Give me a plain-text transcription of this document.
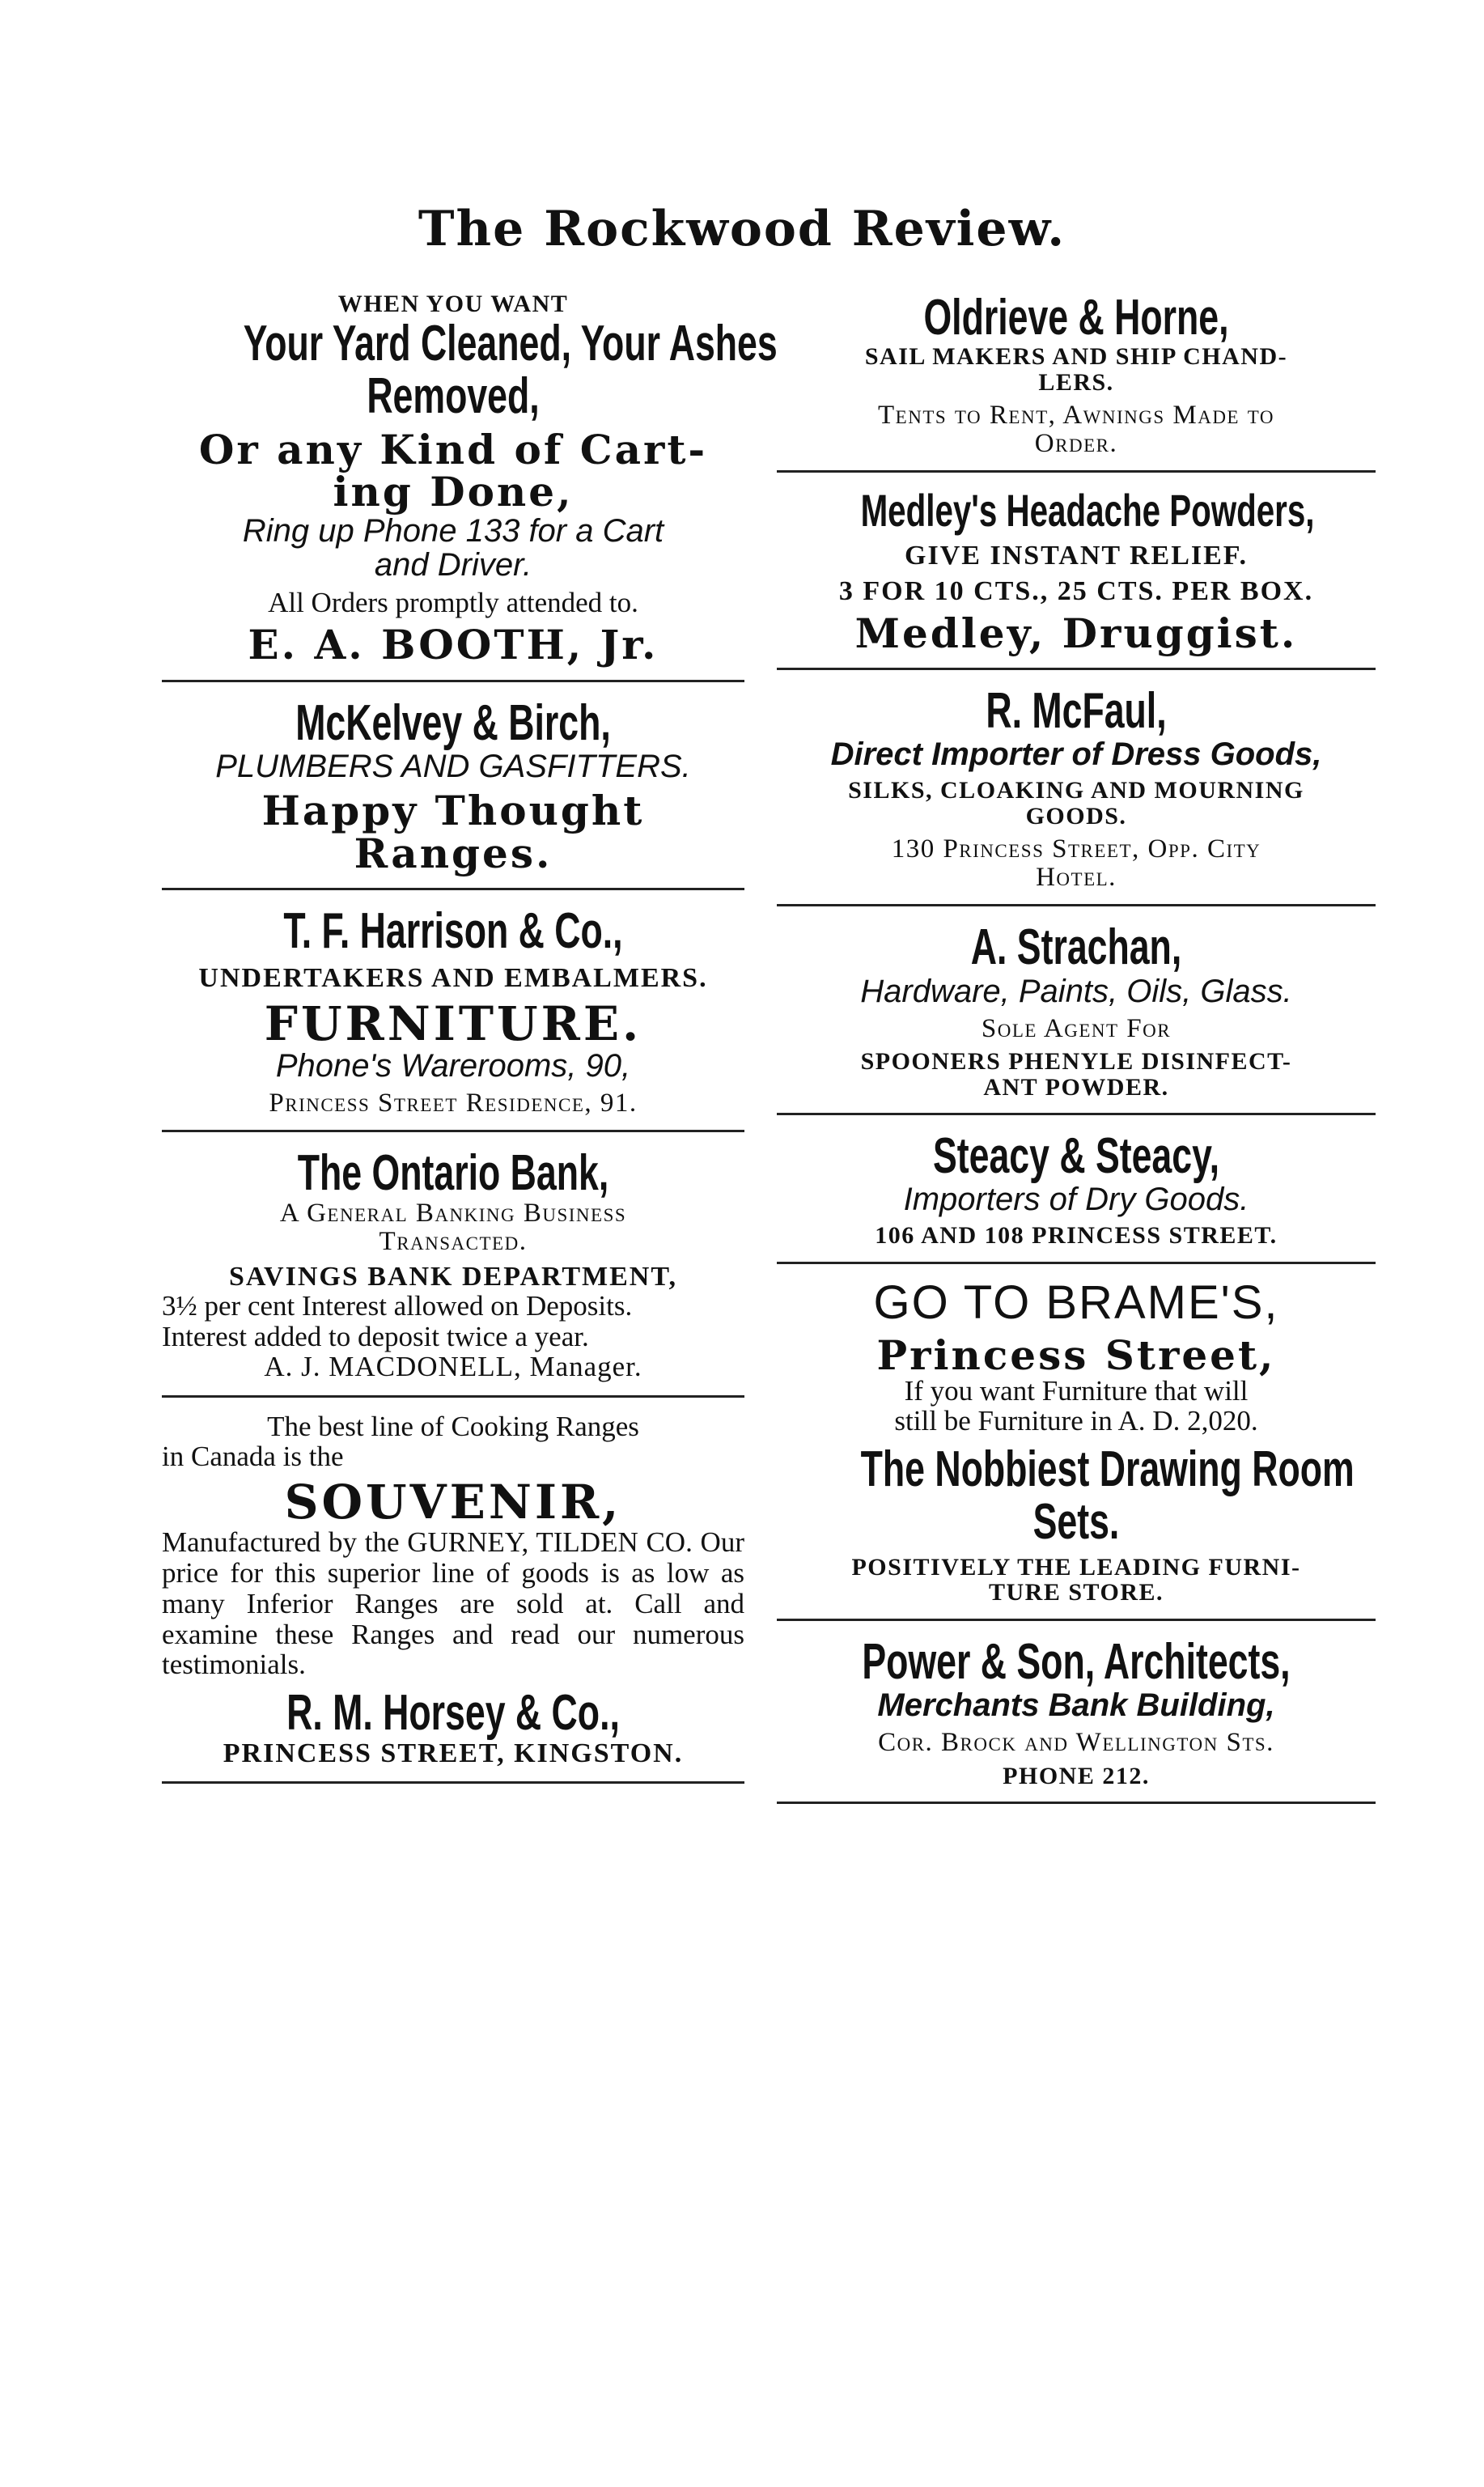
The Rockwood Review.
WHEN YOU WANT
Your Yard Cleaned, Your Ashes
Removed,
Or any Kind of Cart-
ing Done,
Ring up Phone 133 for a Cart
and Driver.
All Orders promptly attended to.
E. A. BOOTH, Jr.
McKelvey & Birch,
PLUMBERS AND GASFITTERS.
Happy Thought
Ranges.
T. F. Harrison & Co.,
UNDERTAKERS AND EMBALMERS.
FURNITURE.
Phone's Warerooms, 90,
Princess Street Residence, 91.
The Ontario Bank,
A General Banking Business
Transacted.
SAVINGS BANK DEPARTMENT,
3½ per cent Interest allowed on Deposits.
Interest added to deposit twice a year.
A. J. MACDONELL, Manager.
The best line of Cooking Ranges
in Canada is the
SOUVENIR,
Manufactured by the GURNEY, TILDEN CO. Our price for this superior line of goods is as low as many Inferior Ranges are sold at. Call and examine these Ranges and read our numerous testimonials.
R. M. Horsey & Co.,
PRINCESS STREET, KINGSTON.
Oldrieve & Horne,
SAIL MAKERS AND SHIP CHAND-
LERS.
Tents to Rent, Awnings Made to
Order.
Medley's Headache Powders,
GIVE INSTANT RELIEF.
3 FOR 10 CTS., 25 CTS. PER BOX.
Medley, Druggist.
R. McFaul,
Direct Importer of Dress Goods,
SILKS, CLOAKING AND MOURNING
GOODS.
130 Princess Street, Opp. City
Hotel.
A. Strachan,
Hardware, Paints, Oils, Glass.
Sole Agent For
SPOONERS PHENYLE DISINFECT-
ANT POWDER.
Steacy & Steacy,
Importers of Dry Goods.
106 AND 108 PRINCESS STREET.
GO TO BRAME'S,
Princess Street,
If you want Furniture that will
still be Furniture in A. D. 2,020.
The Nobbiest Drawing Room
Sets.
POSITIVELY THE LEADING FURNI-
TURE STORE.
Power & Son, Architects,
Merchants Bank Building,
Cor. Brock and Wellington Sts.
PHONE 212.
